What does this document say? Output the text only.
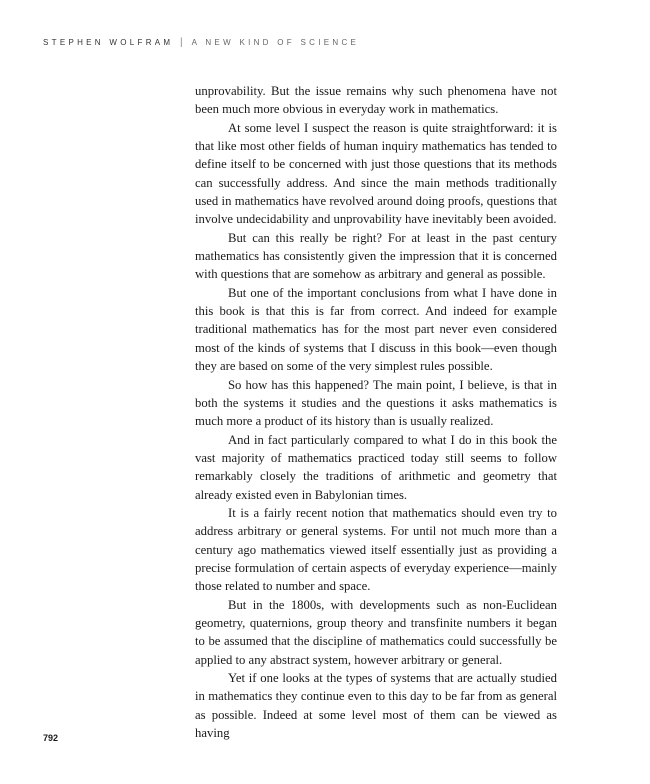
STEPHEN WOLFRAM | A NEW KIND OF SCIENCE

unprovability. But the issue remains why such phenomena have not been much more obvious in everyday work in mathematics.

At some level I suspect the reason is quite straightforward: it is that like most other fields of human inquiry mathematics has tended to define itself to be concerned with just those questions that its methods can successfully address. And since the main methods traditionally used in mathematics have revolved around doing proofs, questions that involve undecidability and unprovability have inevitably been avoided.

But can this really be right? For at least in the past century mathematics has consistently given the impression that it is concerned with questions that are somehow as arbitrary and general as possible.

But one of the important conclusions from what I have done in this book is that this is far from correct. And indeed for example traditional mathematics has for the most part never even considered most of the kinds of systems that I discuss in this book—even though they are based on some of the very simplest rules possible.

So how has this happened? The main point, I believe, is that in both the systems it studies and the questions it asks mathematics is much more a product of its history than is usually realized.

And in fact particularly compared to what I do in this book the vast majority of mathematics practiced today still seems to follow remarkably closely the traditions of arithmetic and geometry that already existed even in Babylonian times.

It is a fairly recent notion that mathematics should even try to address arbitrary or general systems. For until not much more than a century ago mathematics viewed itself essentially just as providing a precise formulation of certain aspects of everyday experience—mainly those related to number and space.

But in the 1800s, with developments such as non-Euclidean geometry, quaternions, group theory and transfinite numbers it began to be assumed that the discipline of mathematics could successfully be applied to any abstract system, however arbitrary or general.

Yet if one looks at the types of systems that are actually studied in mathematics they continue even to this day to be far from as general as possible. Indeed at some level most of them can be viewed as having

792
